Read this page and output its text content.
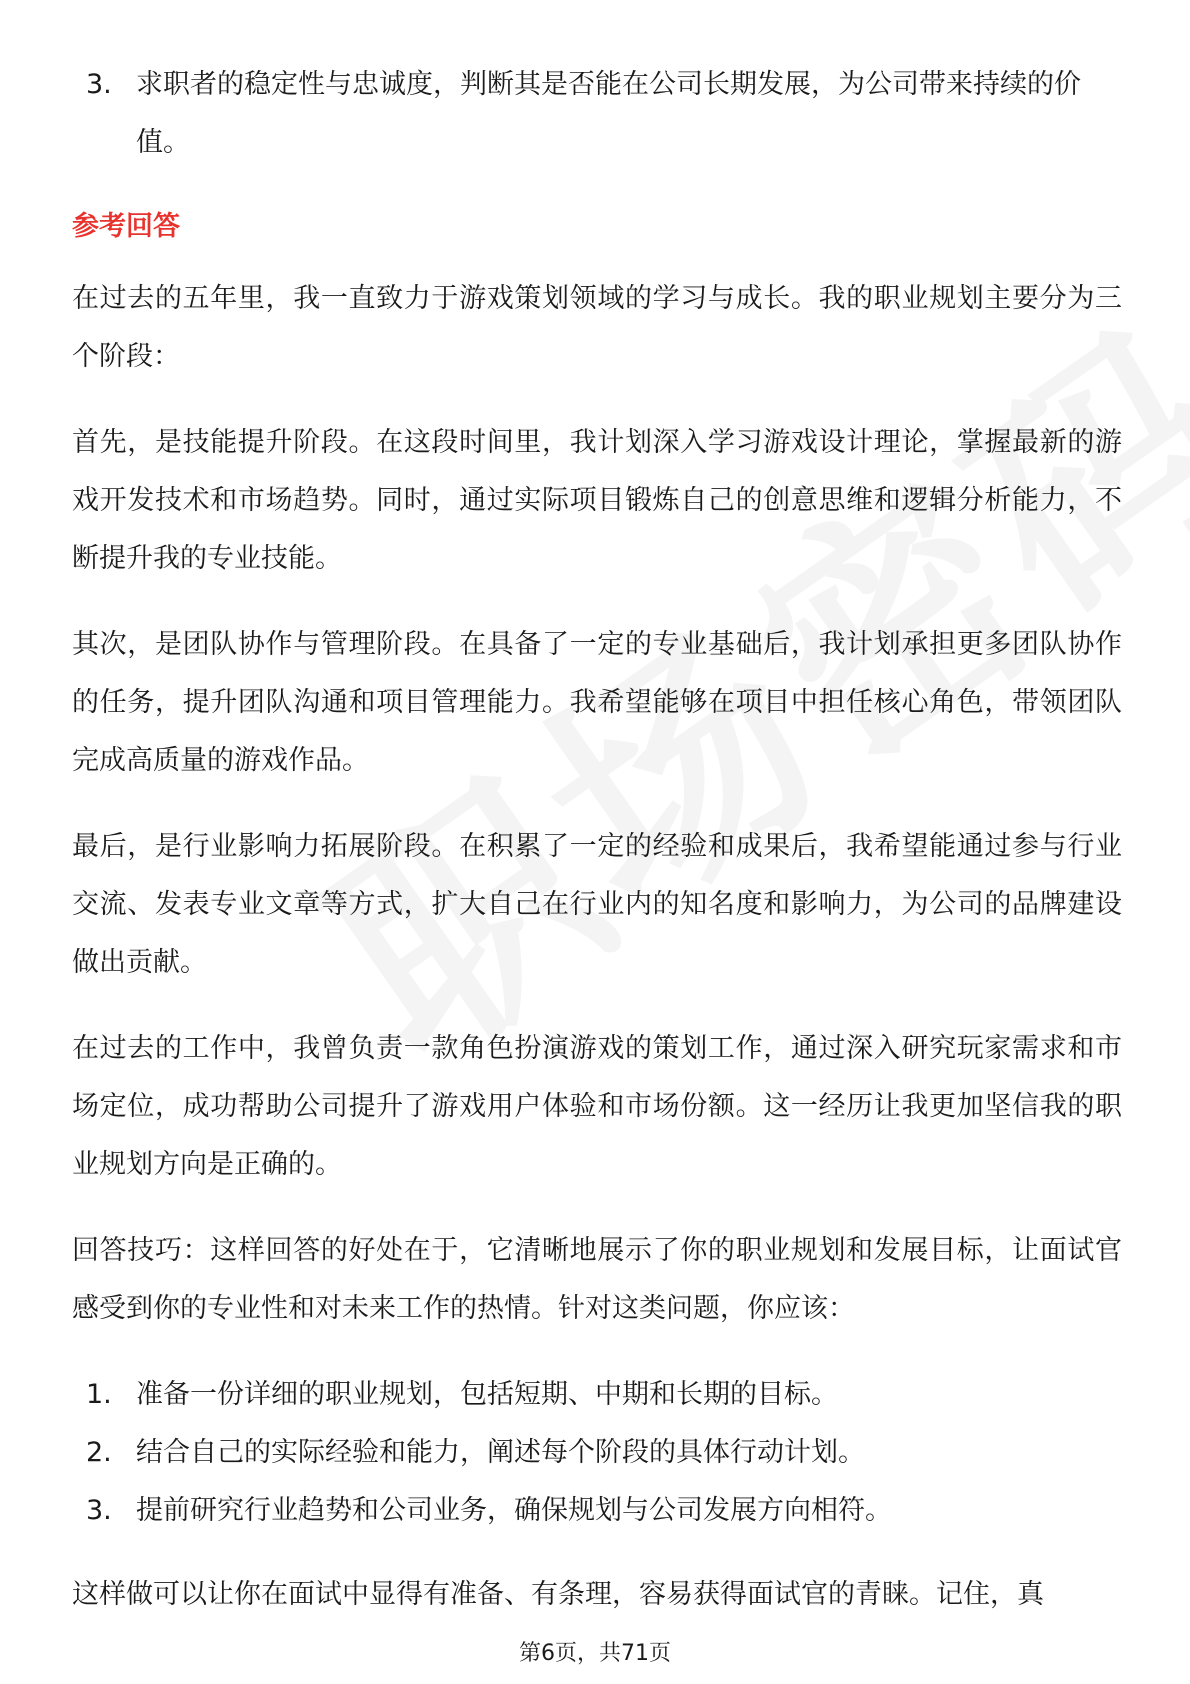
3. 求职者的稳定性与忠诚度，判断其是否能在公司长期发展，为公司带来持续的价值。
参考回答

在过去的五年里，我一直致力于游戏策划领域的学习与成长。我的职业规划主要分为三个阶段：

首先，是技能提升阶段。在这段时间里，我计划深入学习游戏设计理论，掌握最新的游戏开发技术和市场趋势。同时，通过实际项目锻炼自己的创意思维和逻辑分析能力，不断提升我的专业技能。

其次，是团队协作与管理阶段。在具备了一定的专业基础后，我计划承担更多团队协作的任务，提升团队沟通和项目管理能力。我希望能够在项目中担任核心角色，带领团队完成高质量的游戏作品。

最后，是行业影响力拓展阶段。在积累了一定的经验和成果后，我希望能通过参与行业交流、发表专业文章等方式，扩大自己在行业内的知名度和影响力，为公司的品牌建设做出贡献。

在过去的工作中，我曾负责一款角色扮演游戏的策划工作，通过深入研究玩家需求和市场定位，成功帮助公司提升了游戏用户体验和市场份额。这一经历让我更加坚信我的职业规划方向是正确的。

回答技巧：这样回答的好处在于，它清晰地展示了你的职业规划和发展目标，让面试官感受到你的专业性和对未来工作的热情。针对这类问题，你应该：

1. 准备一份详细的职业规划，包括短期、中期和长期的目标。
2. 结合自己的实际经验和能力，阐述每个阶段的具体行动计划。
3. 提前研究行业趋势和公司业务，确保规划与公司发展方向相符。

这样做可以让你在面试中显得有准备、有条理，容易获得面试官的青睐。记住，真

第6页，共71页
